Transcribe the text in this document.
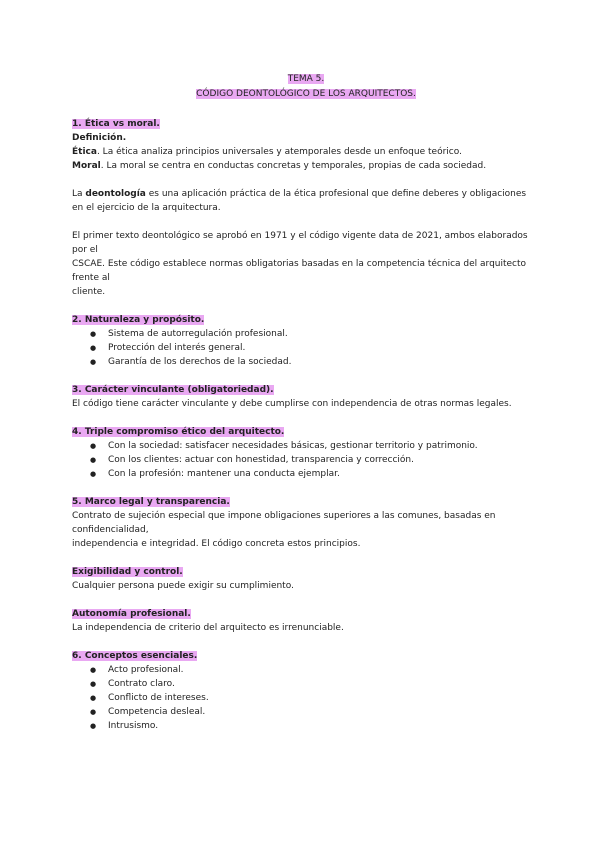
TEMA 5.

CÓDIGO DEONTOLÓGICO DE LOS ARQUITECTOS.

1. Ética vs moral.

Definición.

Ética. La ética analiza principios universales y atemporales desde un enfoque teórico.

Moral. La moral se centra en conductas concretas y temporales, propias de cada sociedad.

La deontología es una aplicación práctica de la ética profesional que define deberes y obligaciones
en el ejercicio de la arquitectura.

El primer texto deontológico se aprobó en 1971 y el código vigente data de 2021, ambos elaborados por el
CSCAE. Este código establece normas obligatorias basadas en la competencia técnica del arquitecto frente al
cliente.

2. Naturaleza y propósito.

● Sistema de autorregulación profesional.
● Protección del interés general.
● Garantía de los derechos de la sociedad.

3. Carácter vinculante (obligatoriedad).

El código tiene carácter vinculante y debe cumplirse con independencia de otras normas legales.

4. Triple compromiso ético del arquitecto.

● Con la sociedad: satisfacer necesidades básicas, gestionar territorio y patrimonio.
● Con los clientes: actuar con honestidad, transparencia y corrección.
● Con la profesión: mantener una conducta ejemplar.

5. Marco legal y transparencia.

Contrato de sujeción especial que impone obligaciones superiores a las comunes, basadas en confidencialidad,
independencia e integridad. El código concreta estos principios.

Exigibilidad y control.

Cualquier persona puede exigir su cumplimiento.

Autonomía profesional.

La independencia de criterio del arquitecto es irrenunciable.

6. Conceptos esenciales.

● Acto profesional.
● Contrato claro.
● Conflicto de intereses.
● Competencia desleal.
● Intrusismo.
